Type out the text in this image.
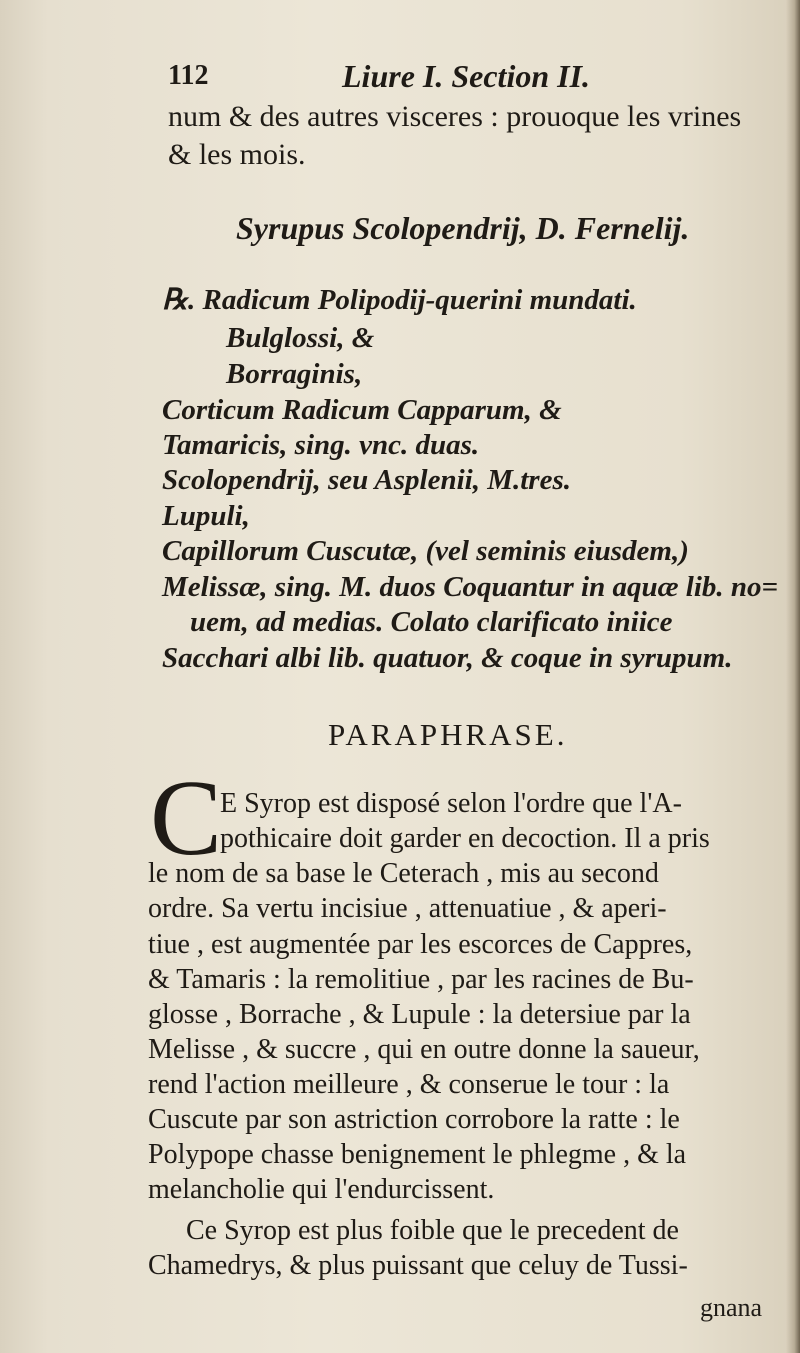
112	Liure I. Section II.
num & des autres visceres : prouoque les vrines
& les mois.
Syrupus Scolopendrij, D. Fernelij.
℞. Radicum Polipodij-querini mundati.
Bulglossi, &
Borraginis,
Corticum Radicum Capparum, &
Tamaricis, sing. vnc. duas.
Scolopendrij, seu Asplenii, M.tres.
Lupuli,
Capillorum Cuscutæ, (vel seminis eiusdem,)
Melissæ, sing. M. duos Coquantur in aquæ lib. no=
uem, ad medias. Colato clarificato iniice
Sacchari albi lib. quatuor, & coque in syrupum.
PARAPHRASE.
C
E Syrop est disposé selon l'ordre que l'A-
pothicaire doit garder en decoction. Il a pris
le nom de sa base le Ceterach , mis au second
ordre. Sa vertu incisiue , attenuatiue , & aperi-
tiue , est augmentée par les escorces de Cappres,
& Tamaris : la remolitiue , par les racines de Bu-
glosse , Borrache , & Lupule : la detersiue par la
Melisse , & succre , qui en outre donne la saueur,
rend l'action meilleure , & conserue le tour : la
Cuscute par son astriction corrobore la ratte : le
Polypope chasse benignement le phlegme , & la
melancholie qui l'endurcissent.
Ce Syrop est plus foible que le precedent de
Chamedrys, & plus puissant que celuy de Tussi-
gnana
